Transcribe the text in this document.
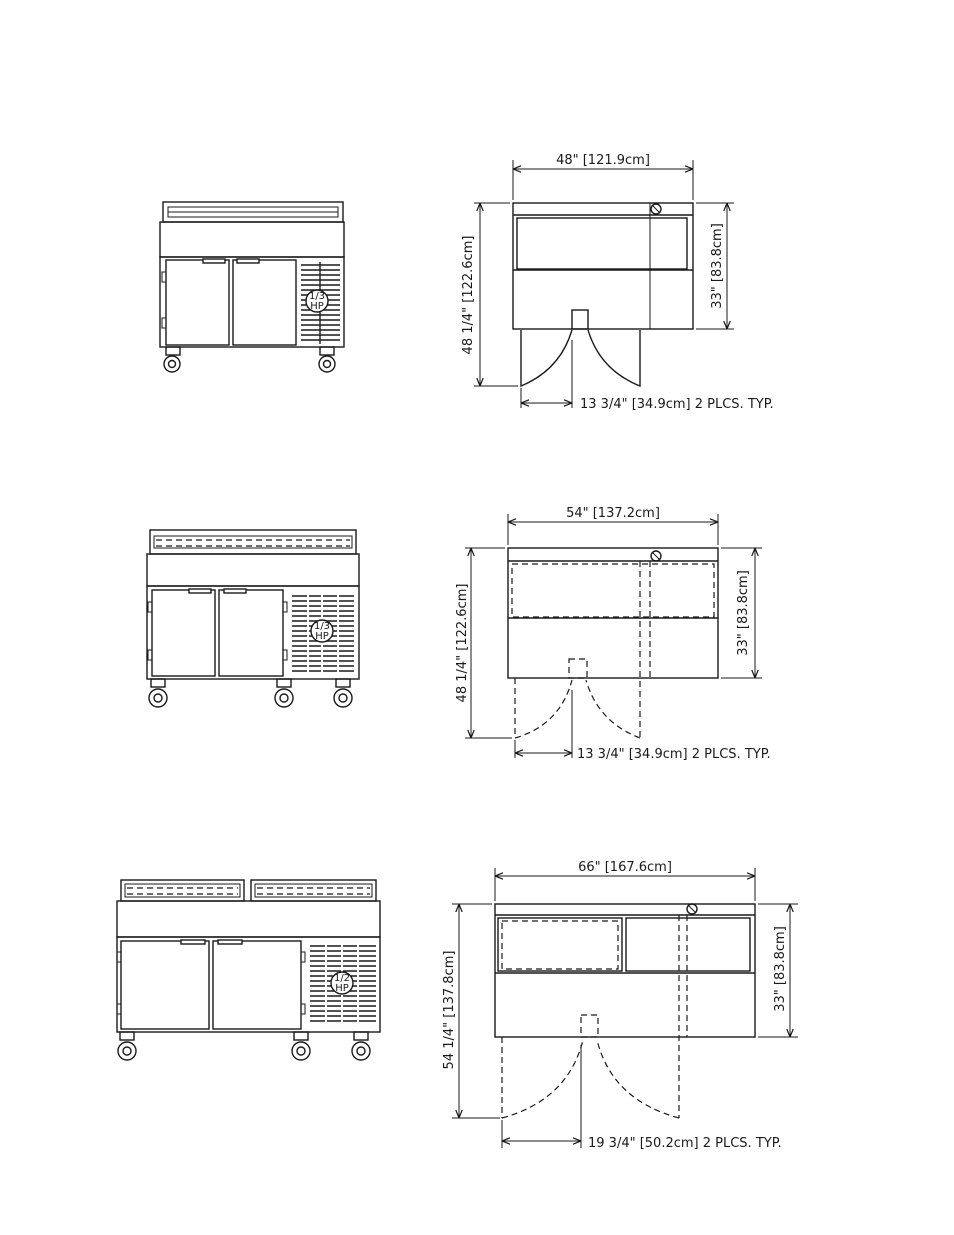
1/3
HP
48" [121.9cm]
48 1/4" [122.6cm]	33" [83.8cm]
13 3/4" [34.9cm] 2 PLCS. TYP.
1/3
HP
54" [137.2cm]
48 1/4" [122.6cm]	33" [83.8cm]
13 3/4" [34.9cm] 2 PLCS. TYP.
1/2
HP
66" [167.6cm]
54 1/4" [137.8cm]	33" [83.8cm]
19 3/4" [50.2cm] 2 PLCS. TYP.
